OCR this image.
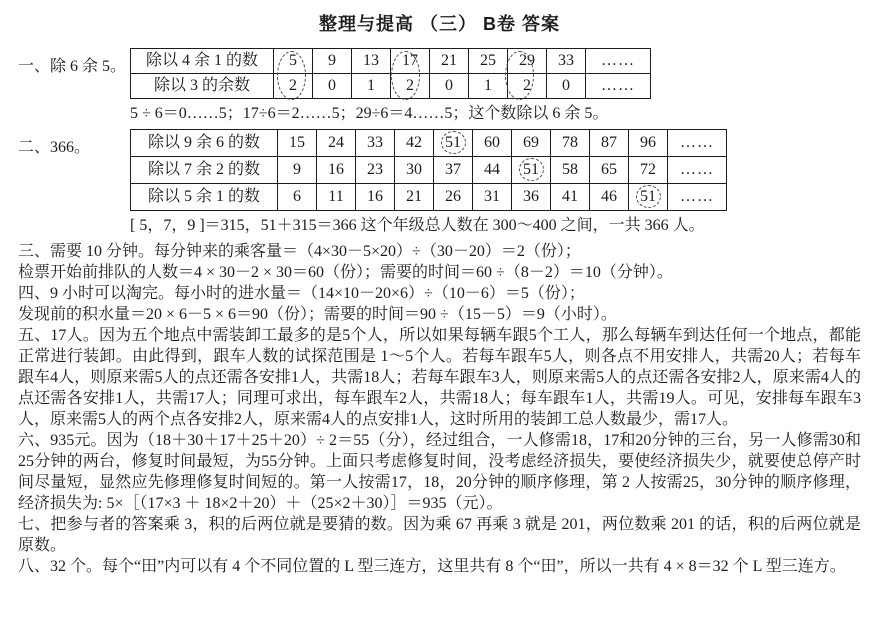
整理与提高 （三） B卷 答案
一、除 6 余 5。 除以 4 余 1 的数	5	9	13	17	21	25	29	33	……
除以 3 的余数	2	0	1	2	0	1	2	0	……
5 ÷ 6＝0……5；17÷6＝2……5；29÷6＝4……5；这个数除以 6 余 5。
二、366。	除以 9 余 6 的数	15	24	33	42	51	60	69	78	87	96	……
除以 7 余 2 的数	9	16	23	30	37	44	51	58	65	72	……
除以 5 余 1 的数	6	11	16	21	26	31	36	41	46	51	……
[ 5，7，9 ]＝315，51＋315＝366 这个年级总人数在 300～400 之间，一共 366 人。

三、需要 10 分钟。每分钟来的乘客量＝（4×30－5×20）÷（30－20）＝2（份）；

检票开始前排队的人数＝4 × 30－2 × 30＝60（份）；需要的时间＝60 ÷（8－2）＝10（分钟）。

四、9 小时可以淘完。每小时的进水量＝（14×10－20×6）÷（10－6）＝5（份）；

发现前的积水量＝20 × 6－5 × 6＝90（份）；需要的时间＝90 ÷（15－5）＝9（小时）。

五、17人。因为五个地点中需装卸工最多的是5个人，所以如果每辆车跟5个工人，那么每辆车到达任何一个地点，都能正常进行装卸。由此得到，跟车人数的试探范围是 1～5个人。若每车跟车5人，则各点不用安排人，共需20人；若每车跟车4人，则原来需5人的点还需各安排1人，共需18人；若每车跟车3人，则原来需5人的点还需各安排2人，原来需4人的点还需各安排1人，共需17人；同理可求出，每车跟车2人，共需18人；每车跟车1人，共需19人。可见，安排每车跟车3人，原来需5人的两个点各安排2人，原来需4人的点安排1人，这时所用的装卸工总人数最少，需17人。

六、935元。因为（18＋30＋17＋25＋20）÷ 2＝55（分），经过组合，一人修需18，17和20分钟的三台，另一人修需30和25分钟的两台，修复时间最短，为55分钟。上面只考虑修复时间，没考虑经济损失，要使经济损失少，就要使总停产时间尽量短，显然应先修理修复时间短的。第一人按需17，18，20分钟的顺序修理，第 2 人按需25，30分钟的顺序修理，经济损失为: 5×［（17×3 ＋ 18×2＋20）＋（25×2＋30）］＝935（元）。

七、把参与者的答案乘 3，积的后两位就是要猜的数。因为乘 67 再乘 3 就是 201，两位数乘 201 的话，积的后两位就是原数。

八、32 个。每个“田”内可以有 4 个不同位置的 L 型三连方，这里共有 8 个“田”，所以一共有 4 × 8＝32 个 L 型三连方。
